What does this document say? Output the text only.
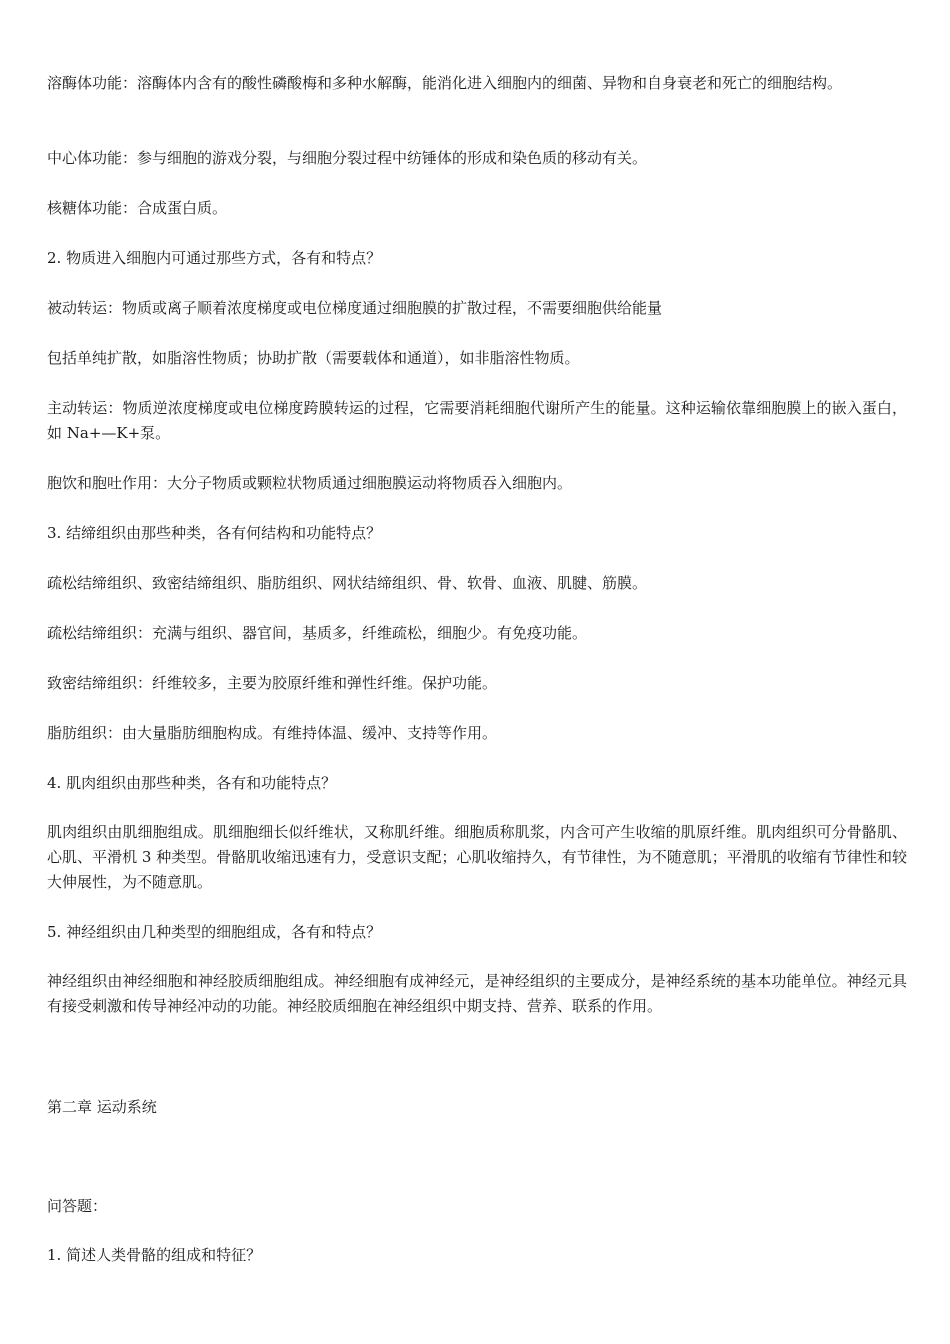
溶酶体功能：溶酶体内含有的酸性磷酸梅和多种水解酶，能消化进入细胞内的细菌、异物和自身衰老和死亡的细胞结构。

中心体功能：参与细胞的游戏分裂，与细胞分裂过程中纺锤体的形成和染色质的移动有关。

核糖体功能：合成蛋白质。

2. 物质进入细胞内可通过那些方式，各有和特点？

被动转运：物质或离子顺着浓度梯度或电位梯度通过细胞膜的扩散过程，不需要细胞供给能量

包括单纯扩散，如脂溶性物质；协助扩散（需要载体和通道），如非脂溶性物质。

主动转运：物质逆浓度梯度或电位梯度跨膜转运的过程，它需要消耗细胞代谢所产生的能量。这种运输依靠细胞膜上的嵌入蛋白，如 Na+—K+泵。

胞饮和胞吐作用：大分子物质或颗粒状物质通过细胞膜运动将物质吞入细胞内。

3. 结缔组织由那些种类，各有何结构和功能特点？

疏松结缔组织、致密结缔组织、脂肪组织、网状结缔组织、骨、软骨、血液、肌腱、筋膜。

疏松结缔组织：充满与组织、器官间，基质多，纤维疏松，细胞少。有免疫功能。

致密结缔组织：纤维较多，主要为胶原纤维和弹性纤维。保护功能。

脂肪组织：由大量脂肪细胞构成。有维持体温、缓冲、支持等作用。

4. 肌肉组织由那些种类，各有和功能特点？

肌肉组织由肌细胞组成。肌细胞细长似纤维状，又称肌纤维。细胞质称肌浆，内含可产生收缩的肌原纤维。肌肉组织可分骨骼肌、心肌、平滑机 3 种类型。骨骼肌收缩迅速有力，受意识支配；心肌收缩持久，有节律性，为不随意肌；平滑肌的收缩有节律性和较大伸展性，为不随意肌。

5. 神经组织由几种类型的细胞组成，各有和特点？

神经组织由神经细胞和神经胶质细胞组成。神经细胞有成神经元，是神经组织的主要成分，是神经系统的基本功能单位。神经元具有接受刺激和传导神经冲动的功能。神经胶质细胞在神经组织中期支持、营养、联系的作用。

第二章 运动系统

问答题：

1. 简述人类骨骼的组成和特征？
